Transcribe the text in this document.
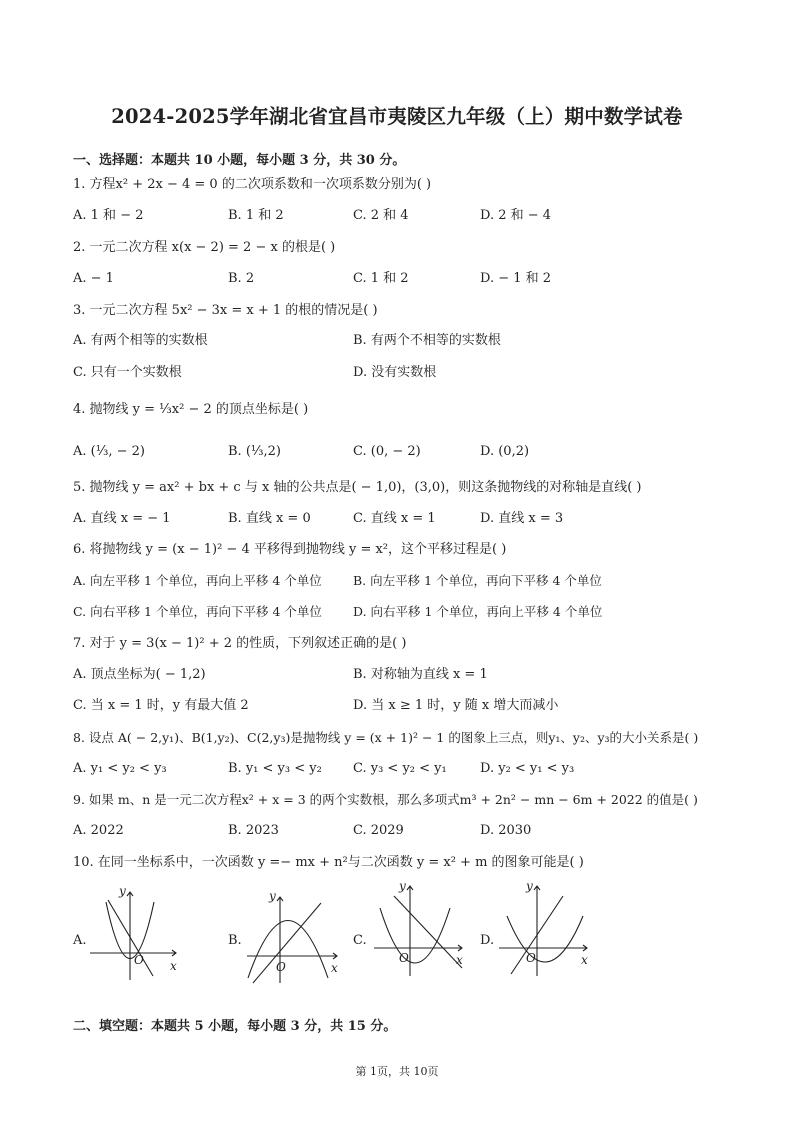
2024-2025学年湖北省宜昌市夷陵区九年级（上）期中数学试卷
一、选择题：本题共 10 小题，每小题 3 分，共 30 分。
1. 方程x² + 2x − 4 = 0 的二次项系数和一次项系数分别为( )
A. 1 和 − 2	B. 1 和 2	C. 2 和 4	D. 2 和 − 4
2. 一元二次方程 x(x − 2) = 2 − x 的根是( )
A. − 1	B. 2	C. 1 和 2	D. − 1 和 2
3. 一元二次方程 5x² − 3x = x + 1 的根的情况是( )
A. 有两个相等的实数根	B. 有两个不相等的实数根
C. 只有一个实数根	D. 没有实数根
4. 抛物线 y = ⅓x² − 2 的顶点坐标是( )
A. (⅓, − 2)	B. (⅓,2)	C. (0, − 2)	D. (0,2)
5. 抛物线 y = ax² + bx + c 与 x 轴的公共点是( − 1,0)，(3,0)，则这条抛物线的对称轴是直线( )
A. 直线 x = − 1	B. 直线 x = 0	C. 直线 x = 1	D. 直线 x = 3
6. 将抛物线 y = (x − 1)² − 4 平移得到抛物线 y = x²，这个平移过程是( )
A. 向左平移 1 个单位，再向上平移 4 个单位 B. 向左平移 1 个单位，再向下平移 4 个单位
C. 向右平移 1 个单位，再向下平移 4 个单位 D. 向右平移 1 个单位，再向上平移 4 个单位
7. 对于 y = 3(x − 1)² + 2 的性质，下列叙述正确的是( )
A. 顶点坐标为( − 1,2)	B. 对称轴为直线 x = 1
C. 当 x = 1 时，y 有最大值 2	D. 当 x ≥ 1 时，y 随 x 增大而减小
8. 设点 A( − 2,y₁)、B(1,y₂)、C(2,y₃)是抛物线 y = (x + 1)² − 1 的图象上三点，则y₁、y₂、y₃的大小关系是( )
A. y₁ < y₂ < y₃	B. y₁ < y₃ < y₂ C. y₃ < y₂ < y₁	D. y₂ < y₁ < y₃
9. 如果 m、n 是一元二次方程x² + x = 3 的两个实数根，那么多项式m³ + 2n² − mn − 6m + 2022 的值是( )
A. 2022	B. 2023	C. 2029	D. 2030
10. 在同一坐标系中，一次函数 y =− mx + n²与二次函数 y = x² + m 的图象可能是( )
A.	B.	C.	D.
y
x
O
y
x
O
y
x
O
y
x
O
二、填空题：本题共 5 小题，每小题 3 分，共 15 分。
第 1页，共 10页
